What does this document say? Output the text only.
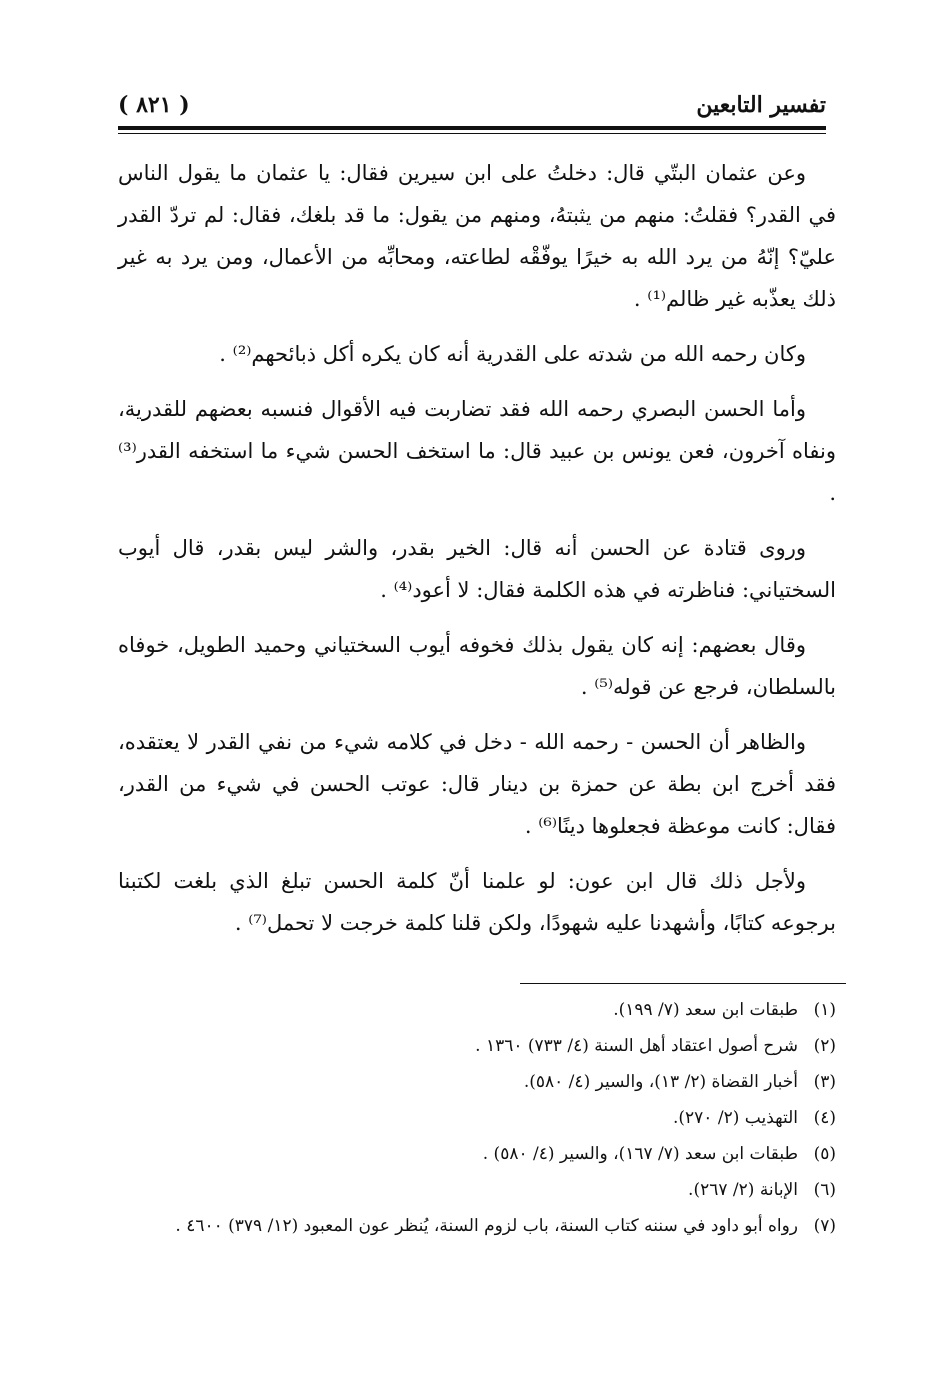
( ٨٢١ )	تفسير التابعين

وعن عثمان البتّي قال: دخلتُ على ابن سيرين فقال: يا عثمان ما يقول الناس في القدر؟ فقلتُ: منهم من يثبتهُ، ومنهم من يقول: ما قد بلغك، فقال: لم تردّ القدر عليّ؟ إنّهُ من يرد الله به خيرًا يوفّقْه لطاعته، ومحابِّه من الأعمال، ومن يرد به غير ذلك يعذّبه غير ظالم⁽¹⁾ .

وكان رحمه الله من شدته على القدرية أنه كان يكره أكل ذبائحهم⁽²⁾ .

وأما الحسن البصري رحمه الله فقد تضاربت فيه الأقوال فنسبه بعضهم للقدرية، ونفاه آخرون، فعن يونس بن عبيد قال: ما استخف الحسن شيء ما استخفه القدر⁽³⁾ .

وروى قتادة عن الحسن أنه قال: الخير بقدر، والشر ليس بقدر، قال أيوب السختياني: فناظرته في هذه الكلمة فقال: لا أعود⁽⁴⁾ .

وقال بعضهم: إنه كان يقول بذلك فخوفه أيوب السختياني وحميد الطويل، خوفاه بالسلطان، فرجع عن قوله⁽⁵⁾ .

والظاهر أن الحسن - رحمه الله - دخل في كلامه شيء من نفي القدر لا يعتقده، فقد أخرج ابن بطة عن حمزة بن دينار قال: عوتب الحسن في شيء من القدر، فقال: كانت موعظة فجعلوها دينًا⁽⁶⁾ .

ولأجل ذلك قال ابن عون: لو علمنا أنّ كلمة الحسن تبلغ الذي بلغت لكتبنا برجوعه كتابًا، وأشهدنا عليه شهودًا، ولكن قلنا كلمة خرجت لا تحمل⁽⁷⁾ .

(١)طبقات ابن سعد (٧/ ١٩٩).

(٢)شرح أصول اعتقاد أهل السنة (٤/ ٧٣٣) ١٣٦٠ .

(٣)أخبار القضاة (٢/ ١٣)، والسير (٤/ ٥٨٠).

(٤)التهذيب (٢/ ٢٧٠).

(٥)طبقات ابن سعد (٧/ ١٦٧)، والسير (٤/ ٥٨٠) .

(٦)الإبانة (٢/ ٢٦٧).

(٧)رواه أبو داود في سننه كتاب السنة، باب لزوم السنة، يُنظر عون المعبود (١٢/ ٣٧٩) ٤٦٠٠ .
